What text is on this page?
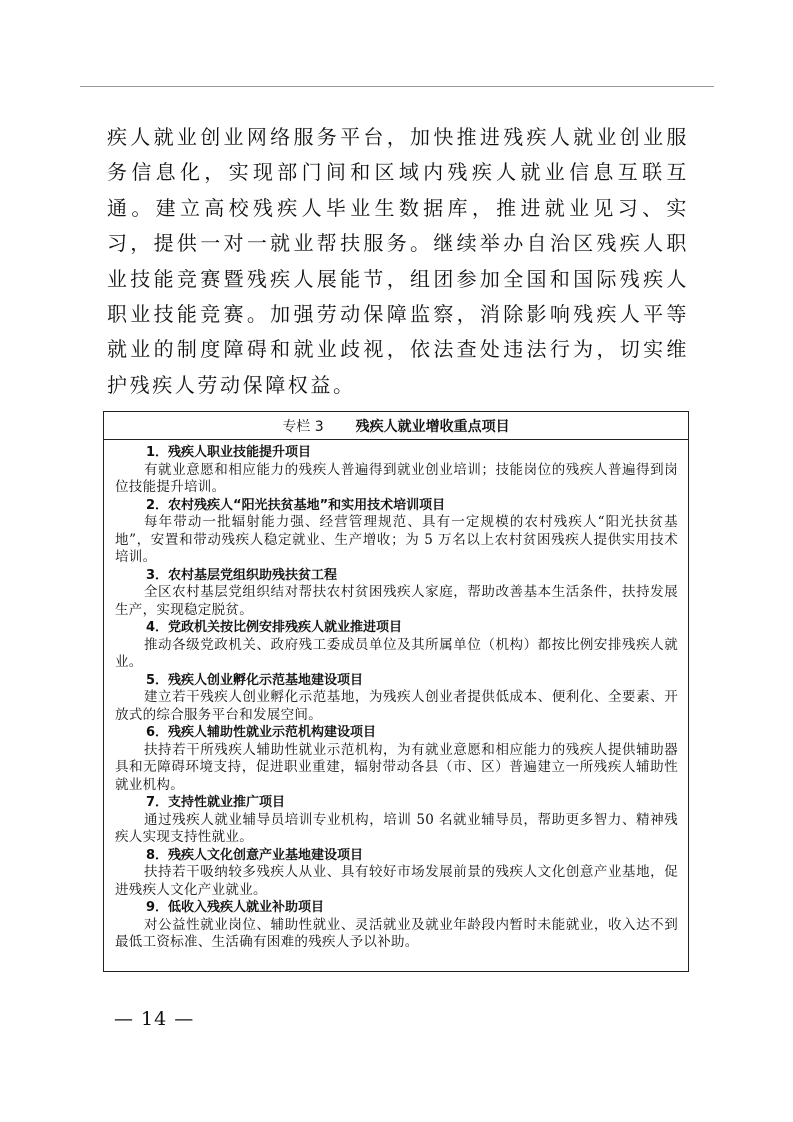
疾人就业创业网络服务平台，加快推进残疾人就业创业服务信息化，实现部门间和区域内残疾人就业信息互联互通。建立高校残疾人毕业生数据库，推进就业见习、实习，提供一对一就业帮扶服务。继续举办自治区残疾人职业技能竞赛暨残疾人展能节，组团参加全国和国际残疾人职业技能竞赛。加强劳动保障监察，消除影响残疾人平等就业的制度障碍和就业歧视，依法查处违法行为，切实维护残疾人劳动保障权益。

专栏 3 残疾人就业增收重点项目

1．残疾人职业技能提升项目

有就业意愿和相应能力的残疾人普遍得到就业创业培训；技能岗位的残疾人普遍得到岗位技能提升培训。

2．农村残疾人“阳光扶贫基地”和实用技术培训项目

每年带动一批辐射能力强、经营管理规范、具有一定规模的农村残疾人“阳光扶贫基地”，安置和带动残疾人稳定就业、生产增收；为 5 万名以上农村贫困残疾人提供实用技术培训。

3．农村基层党组织助残扶贫工程

全区农村基层党组织结对帮扶农村贫困残疾人家庭，帮助改善基本生活条件，扶持发展生产，实现稳定脱贫。

4．党政机关按比例安排残疾人就业推进项目

推动各级党政机关、政府残工委成员单位及其所属单位（机构）都按比例安排残疾人就业。

5．残疾人创业孵化示范基地建设项目

建立若干残疾人创业孵化示范基地，为残疾人创业者提供低成本、便利化、全要素、开放式的综合服务平台和发展空间。

6．残疾人辅助性就业示范机构建设项目

扶持若干所残疾人辅助性就业示范机构，为有就业意愿和相应能力的残疾人提供辅助器具和无障碍环境支持，促进职业重建，辐射带动各县（市、区）普遍建立一所残疾人辅助性就业机构。

7．支持性就业推广项目

通过残疾人就业辅导员培训专业机构，培训 50 名就业辅导员，帮助更多智力、精神残疾人实现支持性就业。

8．残疾人文化创意产业基地建设项目

扶持若干吸纳较多残疾人从业、具有较好市场发展前景的残疾人文化创意产业基地，促进残疾人文化产业就业。

9．低收入残疾人就业补助项目

对公益性就业岗位、辅助性就业、灵活就业及就业年龄段内暂时未能就业，收入达不到最低工资标准、生活确有困难的残疾人予以补助。

— 14 —
